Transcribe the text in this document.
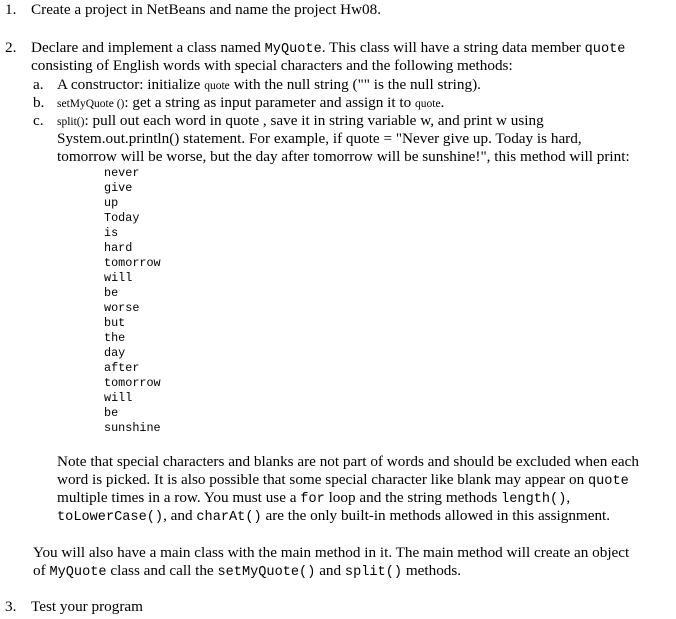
1. Create a project in NetBeans and name the project Hw08.
2. Declare and implement a class named MyQuote. This class will have a string data member quote
consisting of English words with special characters and the following methods:
a. A constructor: initialize quote with the null string ("" is the null string).
b. setMyQuote (): get a string as input parameter and assign it to quote.
c. split(): pull out each word in quote , save it in string variable w, and print w using
System.out.println() statement. For example, if quote = "Never give up. Today is hard,
tomorrow will be worse, but the day after tomorrow will be sunshine!", this method will print:
never
give
up
Today
is
hard
tomorrow
will
be
worse
but
the
day
after
tomorrow
will
be
sunshine
Note that special characters and blanks are not part of words and should be excluded when each
word is picked. It is also possible that some special character like blank may appear on quote
multiple times in a row. You must use a for loop and the string methods length(),
toLowerCase(), and charAt() are the only built-in methods allowed in this assignment.
You will also have a main class with the main method in it. The main method will create an object
of MyQuote class and call the setMyQuote() and split() methods.
3. Test your program
